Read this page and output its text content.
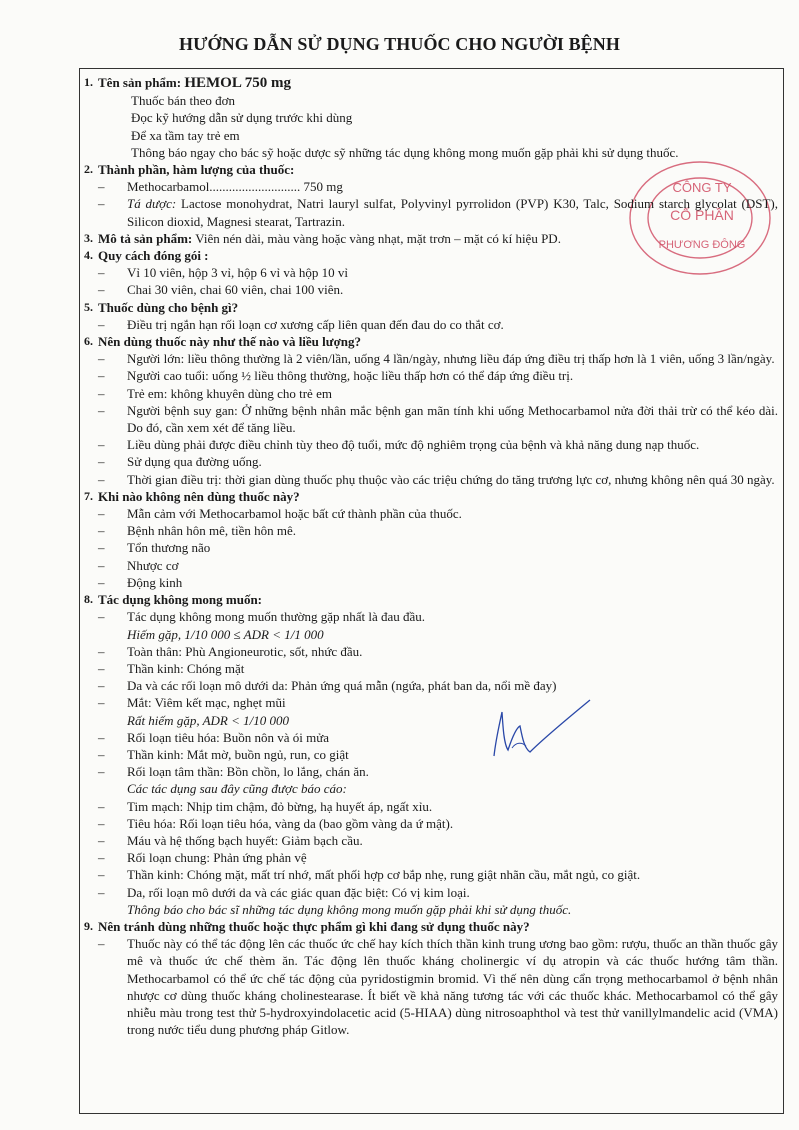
HƯỚNG DẪN SỬ DỤNG THUỐC CHO NGƯỜI BỆNH
CÔNG TY
CỔ PHẦN
PHƯƠNG ĐÔNG
1. Tên sản phẩm: HEMOL 750 mg
Thuốc bán theo đơn
Đọc kỹ hướng dẫn sử dụng trước khi dùng
Để xa tầm tay trẻ em
Thông báo ngay cho bác sỹ hoặc dược sỹ những tác dụng không mong muốn gặp phải khi sử dụng thuốc.
2. Thành phần, hàm lượng của thuốc:
–	Methocarbamol............................ 750 mg
–	Tá dược: Lactose monohydrat, Natri lauryl sulfat, Polyvinyl pyrrolidon (PVP) K30, Talc, Sodium starch glycolat (DST), Silicon dioxid, Magnesi stearat, Tartrazin.
3. Mô tả sản phẩm: Viên nén dài, màu vàng hoặc vàng nhạt, mặt trơn – mặt có kí hiệu PD.
4. Quy cách đóng gói :
–	Vỉ 10 viên, hộp 3 vỉ, hộp 6 vỉ và hộp 10 vỉ
–	Chai 30 viên, chai 60 viên, chai 100 viên.
5. Thuốc dùng cho bệnh gì?
–	Điều trị ngắn hạn rối loạn cơ xương cấp liên quan đến đau do co thắt cơ.
6. Nên dùng thuốc này như thế nào và liều lượng?
–	Người lớn: liều thông thường là 2 viên/lần, uống 4 lần/ngày, nhưng liều đáp ứng điều trị thấp hơn là 1 viên, uống 3 lần/ngày.
–	Người cao tuổi: uống ½ liều thông thường, hoặc liều thấp hơn có thể đáp ứng điều trị.
–	Trẻ em: không khuyên dùng cho trẻ em
–	Người bệnh suy gan: Ở những bệnh nhân mắc bệnh gan mãn tính khi uống Methocarbamol nửa đời thải trừ có thể kéo dài. Do đó, cần xem xét để tăng liều.
–	Liều dùng phải được điều chỉnh tùy theo độ tuổi, mức độ nghiêm trọng của bệnh và khả năng dung nạp thuốc.
–	Sử dụng qua đường uống.
–	Thời gian điều trị: thời gian dùng thuốc phụ thuộc vào các triệu chứng do tăng trương lực cơ, nhưng không nên quá 30 ngày.
7. Khi nào không nên dùng thuốc này?
–	Mẫn cảm với Methocarbamol hoặc bất cứ thành phần của thuốc.
–	Bệnh nhân hôn mê, tiền hôn mê.
–	Tổn thương não
–	Nhược cơ
–	Động kinh
8. Tác dụng không mong muốn:
–	Tác dụng không mong muốn thường gặp nhất là đau đầu.
Hiếm gặp, 1/10 000 ≤ ADR < 1/1 000
–	Toàn thân: Phù Angioneurotic, sốt, nhức đầu.
–	Thần kinh: Chóng mặt
–	Da và các rối loạn mô dưới da: Phản ứng quá mẫn (ngứa, phát ban da, nổi mề đay)
–	Mắt: Viêm kết mạc, nghẹt mũi
Rất hiếm gặp, ADR < 1/10 000
–	Rối loạn tiêu hóa: Buồn nôn và ói mửa
–	Thần kinh: Mắt mờ, buồn ngủ, run, co giật
–	Rối loạn tâm thần: Bồn chồn, lo lắng, chán ăn.
Các tác dụng sau đây cũng được báo cáo:
–	Tim mạch: Nhịp tim chậm, đỏ bừng, hạ huyết áp, ngất xỉu.
–	Tiêu hóa: Rối loạn tiêu hóa, vàng da (bao gồm vàng da ứ mật).
–	Máu và hệ thống bạch huyết: Giảm bạch cầu.
–	Rối loạn chung: Phản ứng phản vệ
–	Thần kinh: Chóng mặt, mất trí nhớ, mất phối hợp cơ bắp nhẹ, rung giật nhãn cầu, mắt ngủ, co giật.
–	Da, rối loạn mô dưới da và các giác quan đặc biệt: Có vị kim loại.
Thông báo cho bác sĩ những tác dụng không mong muốn gặp phải khi sử dụng thuốc.
9. Nên tránh dùng những thuốc hoặc thực phẩm gì khi đang sử dụng thuốc này?
–	Thuốc này có thể tác động lên các thuốc ức chế hay kích thích thần kinh trung ương bao gồm: rượu, thuốc an thần thuốc gây mê và thuốc ức chế thèm ăn. Tác động lên thuốc kháng cholinergic ví dụ atropin và các thuốc hướng tâm thần. Methocarbamol có thể ức chế tác động của pyridostigmin bromid. Vì thế nên dùng cẩn trọng methocarbamol ở bệnh nhân nhược cơ dùng thuốc kháng cholinestearase. Ít biết về khả năng tương tác với các thuốc khác. Methocarbamol có thể gây nhiễu màu trong test thử 5-hydroxyindolacetic acid (5-HIAA) dùng nitrosoaphthol và test thử vanillylmandelic acid (VMA) trong nước tiểu dung phương pháp Gitlow.
